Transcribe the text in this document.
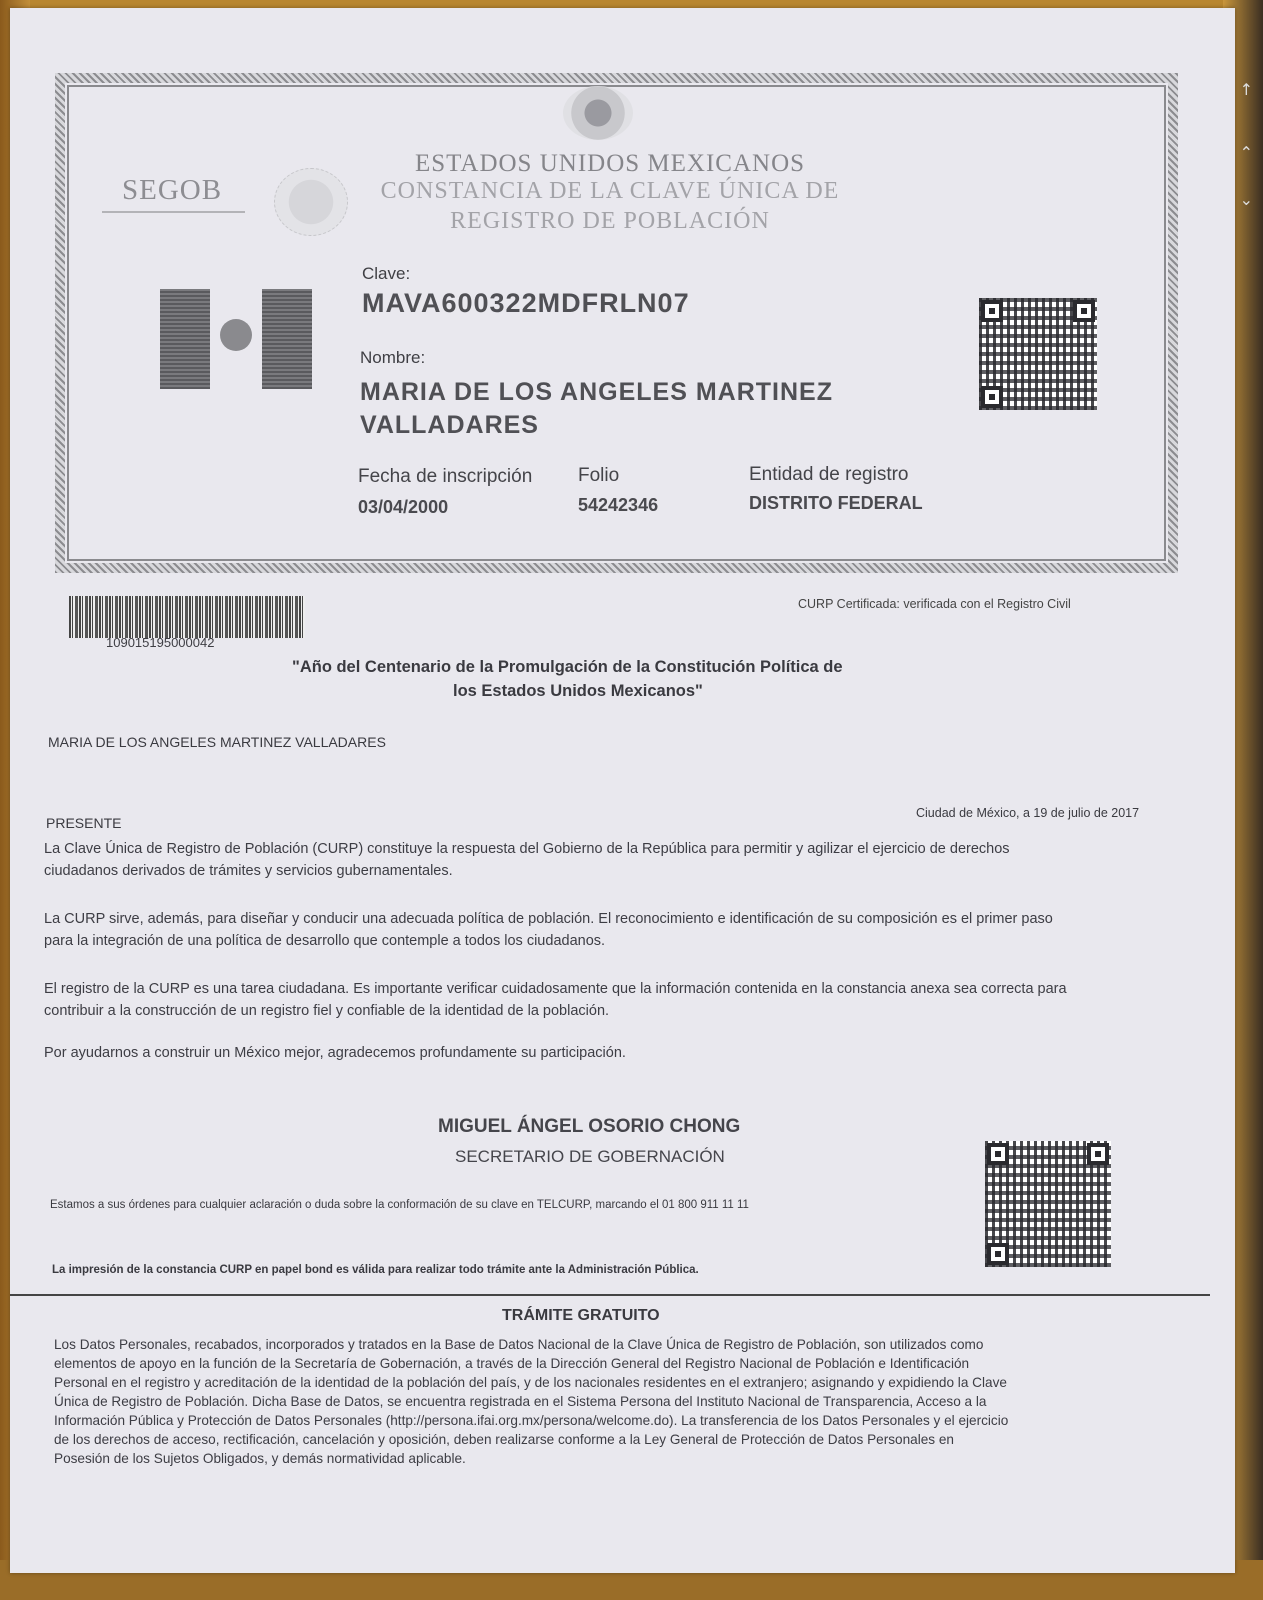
↑
⌃
⌄
SEGOB
ESTADOS UNIDOS MEXICANOS
CONSTANCIA DE LA CLAVE ÚNICA DE
REGISTRO DE POBLACIÓN
Clave:
MAVA600322MDFRLN07
Nombre:
MARIA DE LOS ANGELES MARTINEZ
VALLADARES
Fecha de inscripción
03/04/2000
Folio
54242346
Entidad de registro
DISTRITO FEDERAL
109015195000042
CURP Certificada: verificada con el Registro Civil
"Año del Centenario de la Promulgación de la Constitución Política de
los Estados Unidos Mexicanos"
MARIA DE LOS ANGELES MARTINEZ VALLADARES
PRESENTE
Ciudad de México, a 19 de julio de 2017
La Clave Única de Registro de Población (CURP) constituye la respuesta del Gobierno de la República para permitir y agilizar el ejercicio de derechos
ciudadanos derivados de trámites y servicios gubernamentales.
La CURP sirve, además, para diseñar y conducir una adecuada política de población. El reconocimiento e identificación de su composición es el primer paso
para la integración de una política de desarrollo que contemple a todos los ciudadanos.
El registro de la CURP es una tarea ciudadana. Es importante verificar cuidadosamente que la información contenida en la constancia anexa sea correcta para
contribuir a la construcción de un registro fiel y confiable de la identidad de la población.
Por ayudarnos a construir un México mejor, agradecemos profundamente su participación.
MIGUEL ÁNGEL OSORIO CHONG
SECRETARIO DE GOBERNACIÓN
Estamos a sus órdenes para cualquier aclaración o duda sobre la conformación de su clave en TELCURP, marcando el 01 800 911 11 11
La impresión de la constancia CURP en papel bond es válida para realizar todo trámite ante la Administración Pública.
TRÁMITE GRATUITO
Los Datos Personales, recabados, incorporados y tratados en la Base de Datos Nacional de la Clave Única de Registro de Población, son utilizados como
elementos de apoyo en la función de la Secretaría de Gobernación, a través de la Dirección General del Registro Nacional de Población e Identificación
Personal en el registro y acreditación de la identidad de la población del país, y de los nacionales residentes en el extranjero; asignando y expidiendo la Clave
Única de Registro de Población. Dicha Base de Datos, se encuentra registrada en el Sistema Persona del Instituto Nacional de Transparencia, Acceso a la
Información Pública y Protección de Datos Personales (http://persona.ifai.org.mx/persona/welcome.do). La transferencia de los Datos Personales y el ejercicio
de los derechos de acceso, rectificación, cancelación y oposición, deben realizarse conforme a la Ley General de Protección de Datos Personales en
Posesión de los Sujetos Obligados, y demás normatividad aplicable.
